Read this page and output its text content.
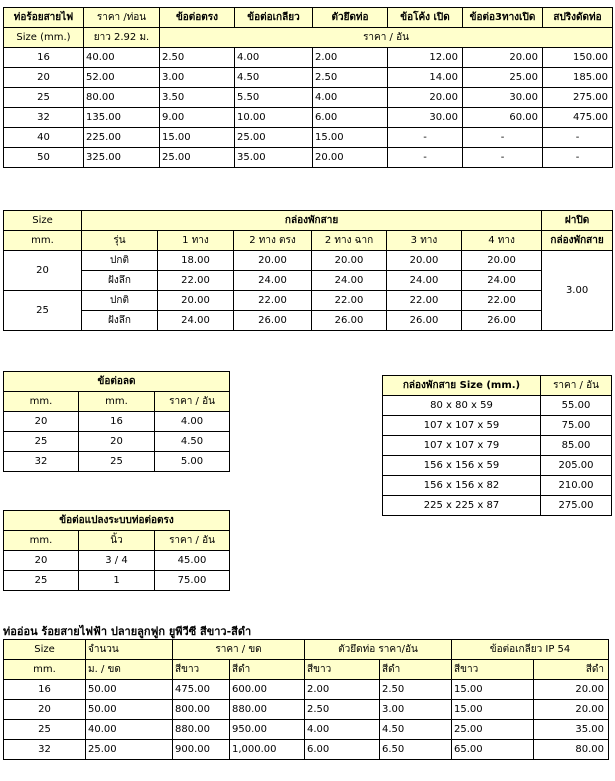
ท่อร้อยสายไฟ	ราคา /ท่อน	ข้อต่อตรง	ข้อต่อเกลียว	ตัวยึดท่อ	ข้อโค้ง เปิด	ข้อต่อ3ทางเปิด	สปริงดัดท่อ
Size (mm.)	ยาว 2.92 ม.	ราคา / อัน					
16	40.00	2.50	4.00	2.00	12.00	20.00	150.00
20	52.00	3.00	4.50	2.50	14.00	25.00	185.00
25	80.00	3.50	5.50	4.00	20.00	30.00	275.00
32	135.00	9.00	10.00	6.00	30.00	60.00	475.00
40	225.00	15.00	25.00	15.00	-	-	-
50	325.00	25.00	35.00	20.00	-	-	-
Size	กล่องพักสาย						ฝาปิด
mm.	รุ่น	1 ทาง	2 ทาง ตรง	2 ทาง ฉาก	3 ทาง	4 ทาง	กล่องพักสาย
20	ปกติ	18.00	20.00	20.00	20.00	20.00	3.00
	ฝังลึก	22.00	24.00	24.00	24.00	24.00	
25	ปกติ	20.00	22.00	22.00	22.00	22.00	
	ฝังลึก	24.00	26.00	26.00	26.00	26.00	
ข้อต่อลด		
mm.	mm.	ราคา / อัน
20	16	4.00
25	20	4.50
32	25	5.00
ข้อต่อแปลงระบบท่อต่อตรง		
mm.	นิ้ว	ราคา / อัน
20	3 / 4	45.00
25	1	75.00
กล่องพักสาย Size (mm.)	ราคา / อัน
80 x 80 x 59	55.00
107 x 107 x 59	75.00
107 x 107 x 79	85.00
156 x 156 x 59	205.00
156 x 156 x 82	210.00
225 x 225 x 87	275.00
ท่ออ่อน ร้อยสายไฟฟ้า ปลายลูกฟูก ยูพีวีซี สีขาว-สีดำ
Size	จำนวน	ราคา / ขด		ตัวยึดท่อ ราคา/อัน		ข้อต่อเกลียว IP 54	
mm.	ม. / ขด	สีขาว	สีดำ	สีขาว	สีดำ	สีขาว	สีดำ
16	50.00	475.00	600.00	2.00	2.50	15.00	20.00
20	50.00	800.00	880.00	2.50	3.00	15.00	20.00
25	40.00	880.00	950.00	4.00	4.50	25.00	35.00
32	25.00	900.00	1,000.00	6.00	6.50	65.00	80.00
